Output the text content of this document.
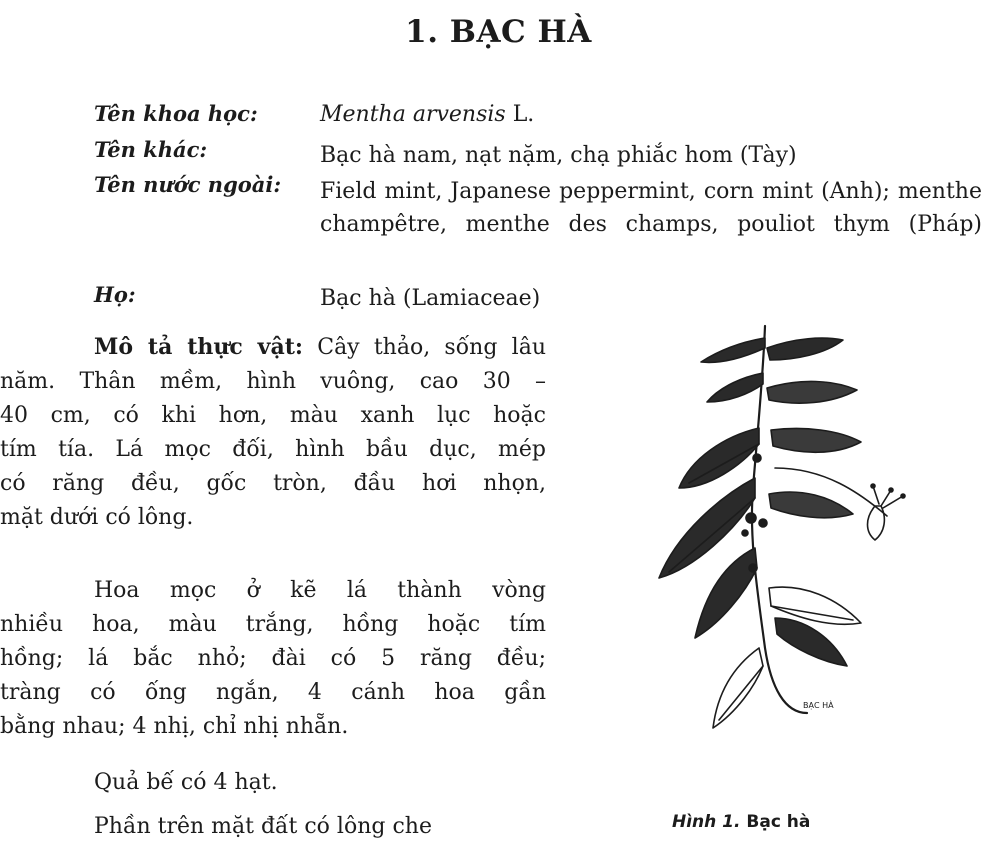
1. BẠC HÀ
Tên khoa học:	Mentha arvensis L.
Tên khác:	Bạc hà nam, nạt nặm, chạ phiắc hom (Tày)
Tên nước ngoài: Field mint, Japanese peppermint, corn mint (Anh); menthe champêtre, menthe des champs, pouliot thym (Pháp)
Họ:	Bạc hà (Lamiaceae)
Mô tả thực vật: Cây thảo, sống lâu
năm. Thân mềm, hình vuông, cao 30 –
40 cm, có khi hơn, màu xanh lục hoặc
tím tía. Lá mọc đối, hình bầu dục, mép
có răng đều, gốc tròn, đầu hơi nhọn,
mặt dưới có lông.
Hoa mọc ở kẽ lá thành vòng
nhiều hoa, màu trắng, hồng hoặc tím
hồng; lá bắc nhỏ; đài có 5 răng đều;
tràng có ống ngắn, 4 cánh hoa gần
bằng nhau; 4 nhị, chỉ nhị nhẵn.
Quả bế có 4 hạt.
Phần trên mặt đất có lông che
BẠC HÀ
Hình 1. Bạc hà
